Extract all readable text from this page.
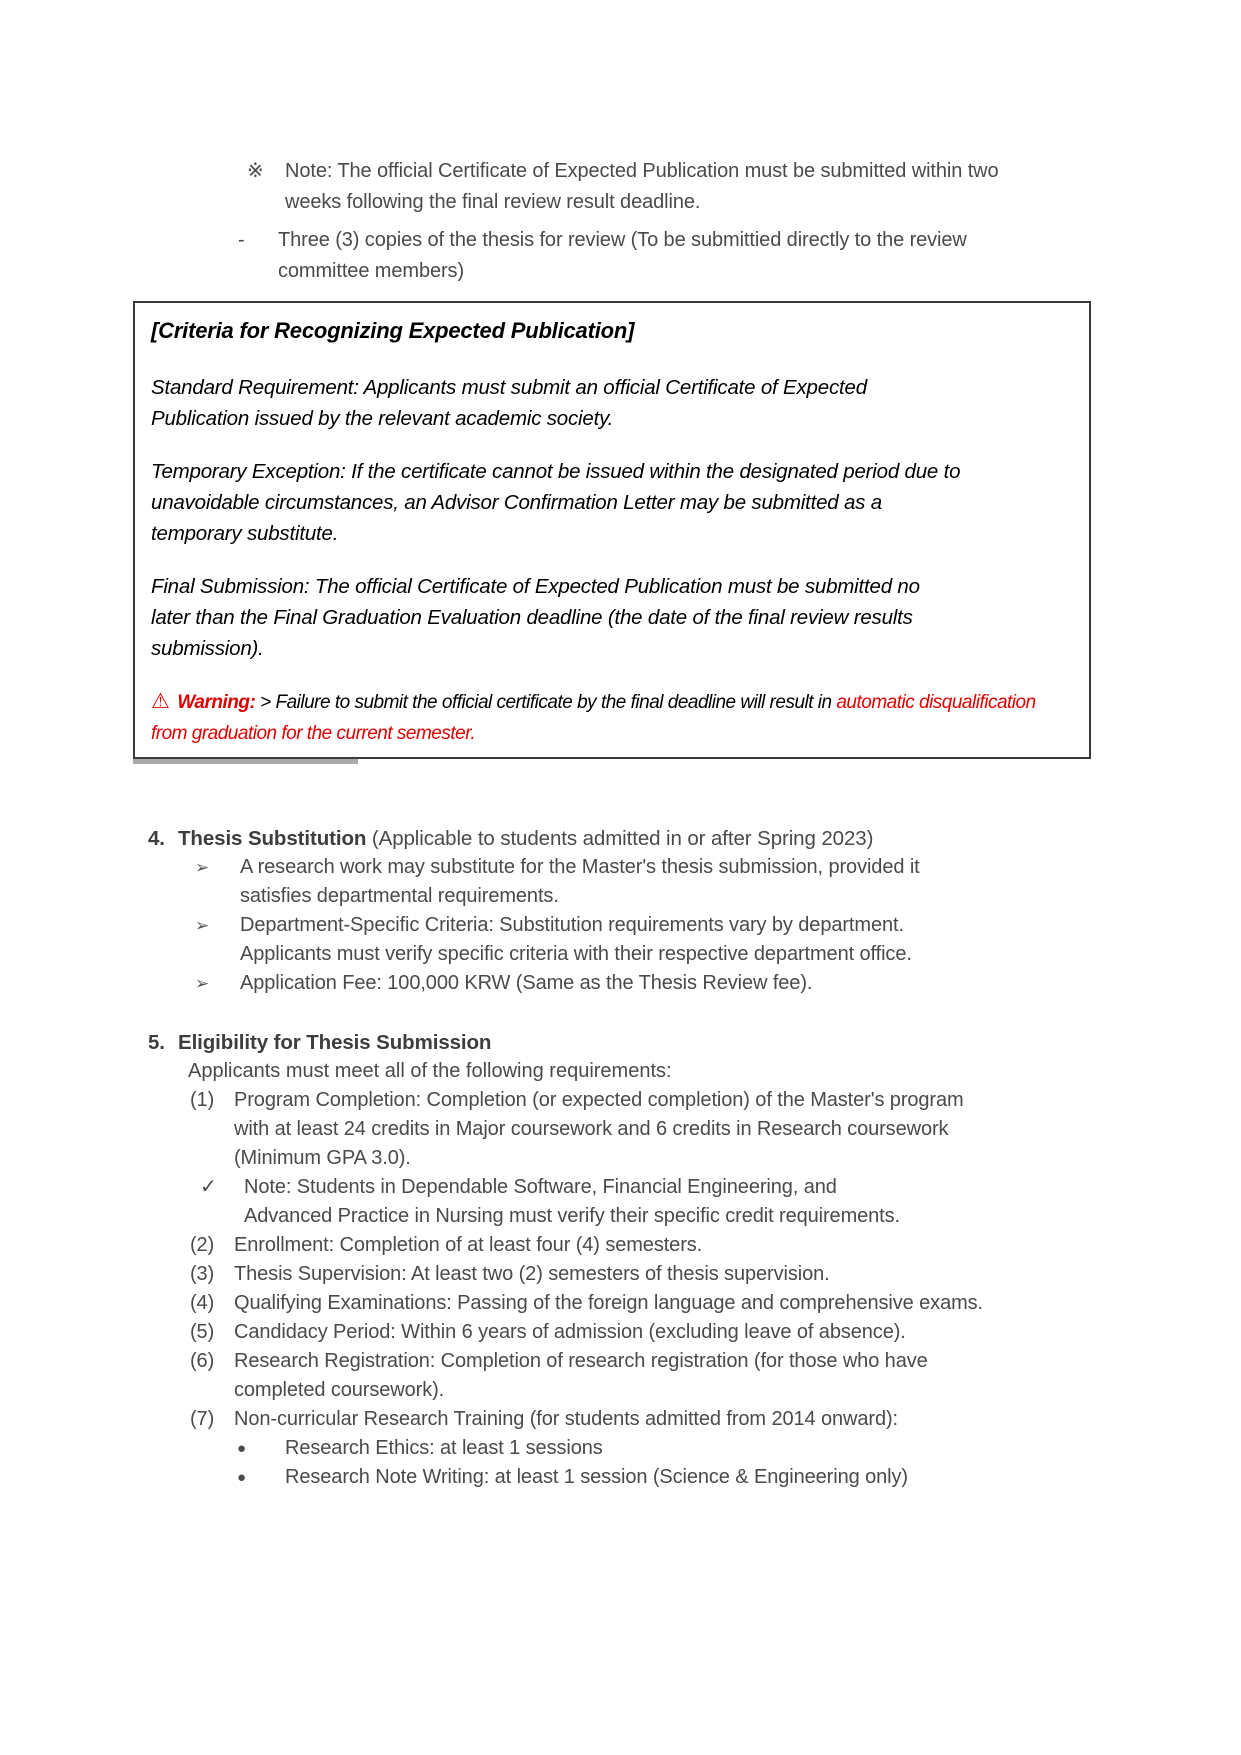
※	Note: The official Certificate of Expected Publication must be submitted within two weeks following the final review result deadline.
-	Three (3) copies of the thesis for review (To be submittied directly to the review committee members)

[Criteria for Recognizing Expected Publication]

Standard Requirement: Applicants must submit an official Certificate of Expected Publication issued by the relevant academic society.

Temporary Exception: If the certificate cannot be issued within the designated period due to unavoidable circumstances, an Advisor Confirmation Letter may be submitted as a temporary substitute.

Final Submission: The official Certificate of Expected Publication must be submitted no later than the Final Graduation Evaluation deadline (the date of the final review results submission).

⚠ Warning: > Failure to submit the official certificate by the final deadline will result in automatic disqualification from graduation for the current semester.

4. Thesis Substitution (Applicable to students admitted in or after Spring 2023)
➢	A research work may substitute for the Master's thesis submission, provided it satisfies departmental requirements.
➢	Department-Specific Criteria: Substitution requirements vary by department. Applicants must verify specific criteria with their respective department office.
➢	Application Fee: 100,000 KRW (Same as the Thesis Review fee).
5. Eligibility for Thesis Submission
Applicants must meet all of the following requirements:
(1) Program Completion: Completion (or expected completion) of the Master's program with at least 24 credits in Major coursework and 6 credits in Research coursework (Minimum GPA 3.0).
✓	Note: Students in Dependable Software, Financial Engineering, and
Advanced Practice in Nursing must verify their specific credit requirements.
(2) Enrollment: Completion of at least four (4) semesters.
(3) Thesis Supervision: At least two (2) semesters of thesis supervision.
(4) Qualifying Examinations: Passing of the foreign language and comprehensive exams.
(5) Candidacy Period: Within 6 years of admission (excluding leave of absence).
(6) Research Registration: Completion of research registration (for those who have completed coursework).
(7) Non-curricular Research Training (for students admitted from 2014 onward):
●	Research Ethics: at least 1 sessions
●	Research Note Writing: at least 1 session (Science & Engineering only)
